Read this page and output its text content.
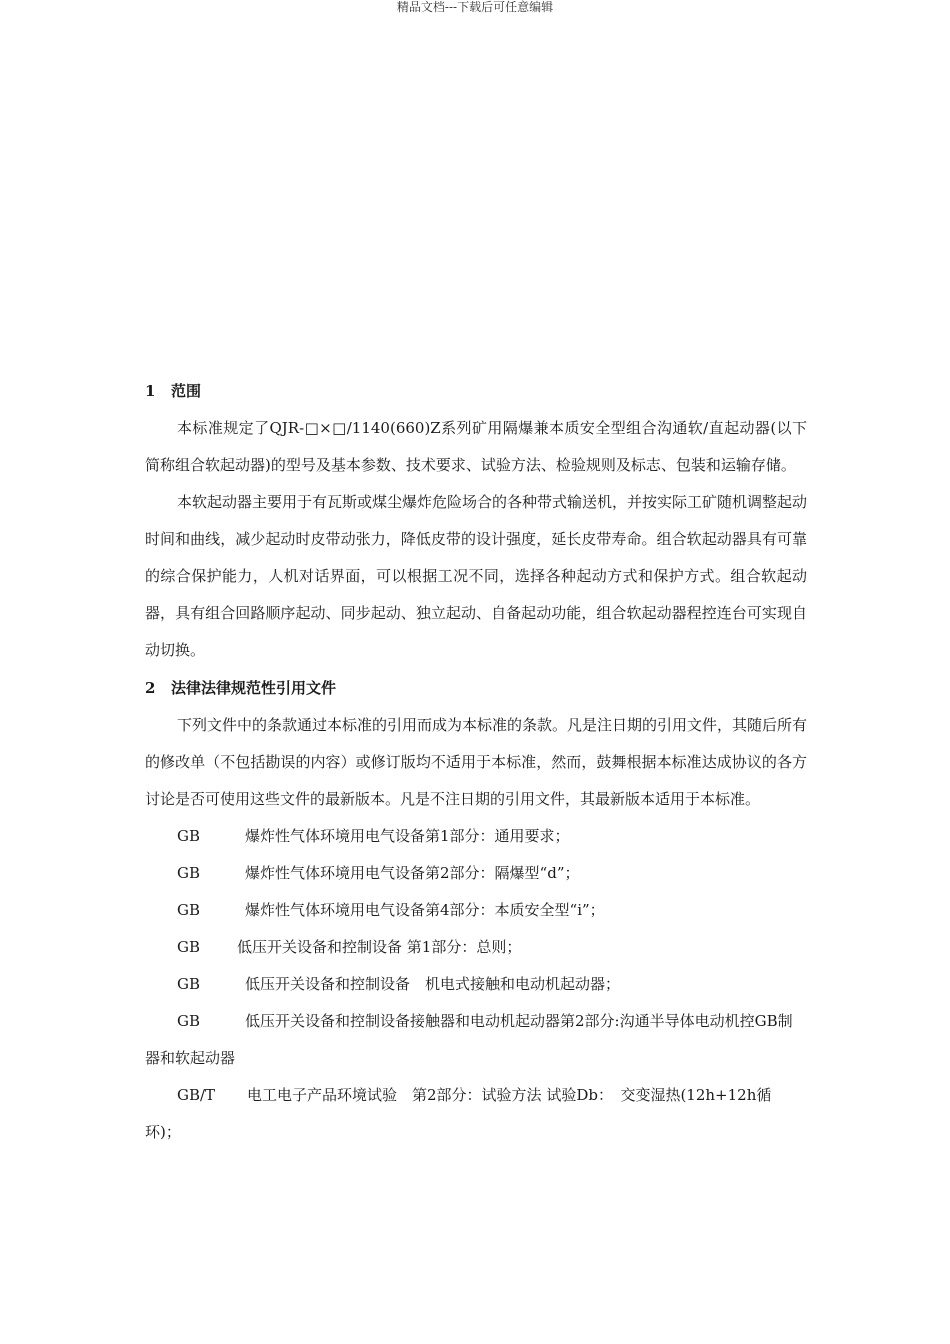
精品文档---下载后可任意编辑

1 范围

本标准规定了QJR-□×□/1140(660)Z系列矿用隔爆兼本质安全型组合沟通软/直起动器(以下简称组合软起动器)的型号及基本参数、技术要求、试验方法、检验规则及标志、包装和运输存储。

本软起动器主要用于有瓦斯或煤尘爆炸危险场合的各种带式输送机，并按实际工矿随机调整起动时间和曲线，减少起动时皮带动张力，降低皮带的设计强度，延长皮带寿命。组合软起动器具有可靠的综合保护能力，人机对话界面，可以根据工况不同，选择各种起动方式和保护方式。组合软起动器，具有组合回路顺序起动、同步起动、独立起动、自备起动功能，组合软起动器程控连台可实现自动切换。

2 法律法律规范性引用文件

下列文件中的条款通过本标准的引用而成为本标准的条款。凡是注日期的引用文件，其随后所有的修改单（不包括勘误的内容）或修订版均不适用于本标准，然而，鼓舞根据本标准达成协议的各方讨论是否可使用这些文件的最新版本。凡是不注日期的引用文件，其最新版本适用于本标准。

GB	爆炸性气体环境用电气设备第1部分：通用要求；

GB	爆炸性气体环境用电气设备第2部分：隔爆型“d”；

GB	爆炸性气体环境用电气设备第4部分：本质安全型“i”；

GB 低压开关设备和控制设备 第1部分：总则；

GB	低压开关设备和控制设备　机电式接触和电动机起动器；

GB	低压开关设备和控制设备接触器和电动机起动器第2部分:沟通半导体电动机控GB制器和软起动器

GB/T 电工电子产品环境试验　第2部分：试验方法 试验Db：　交变湿热(12h+12h循环)；
